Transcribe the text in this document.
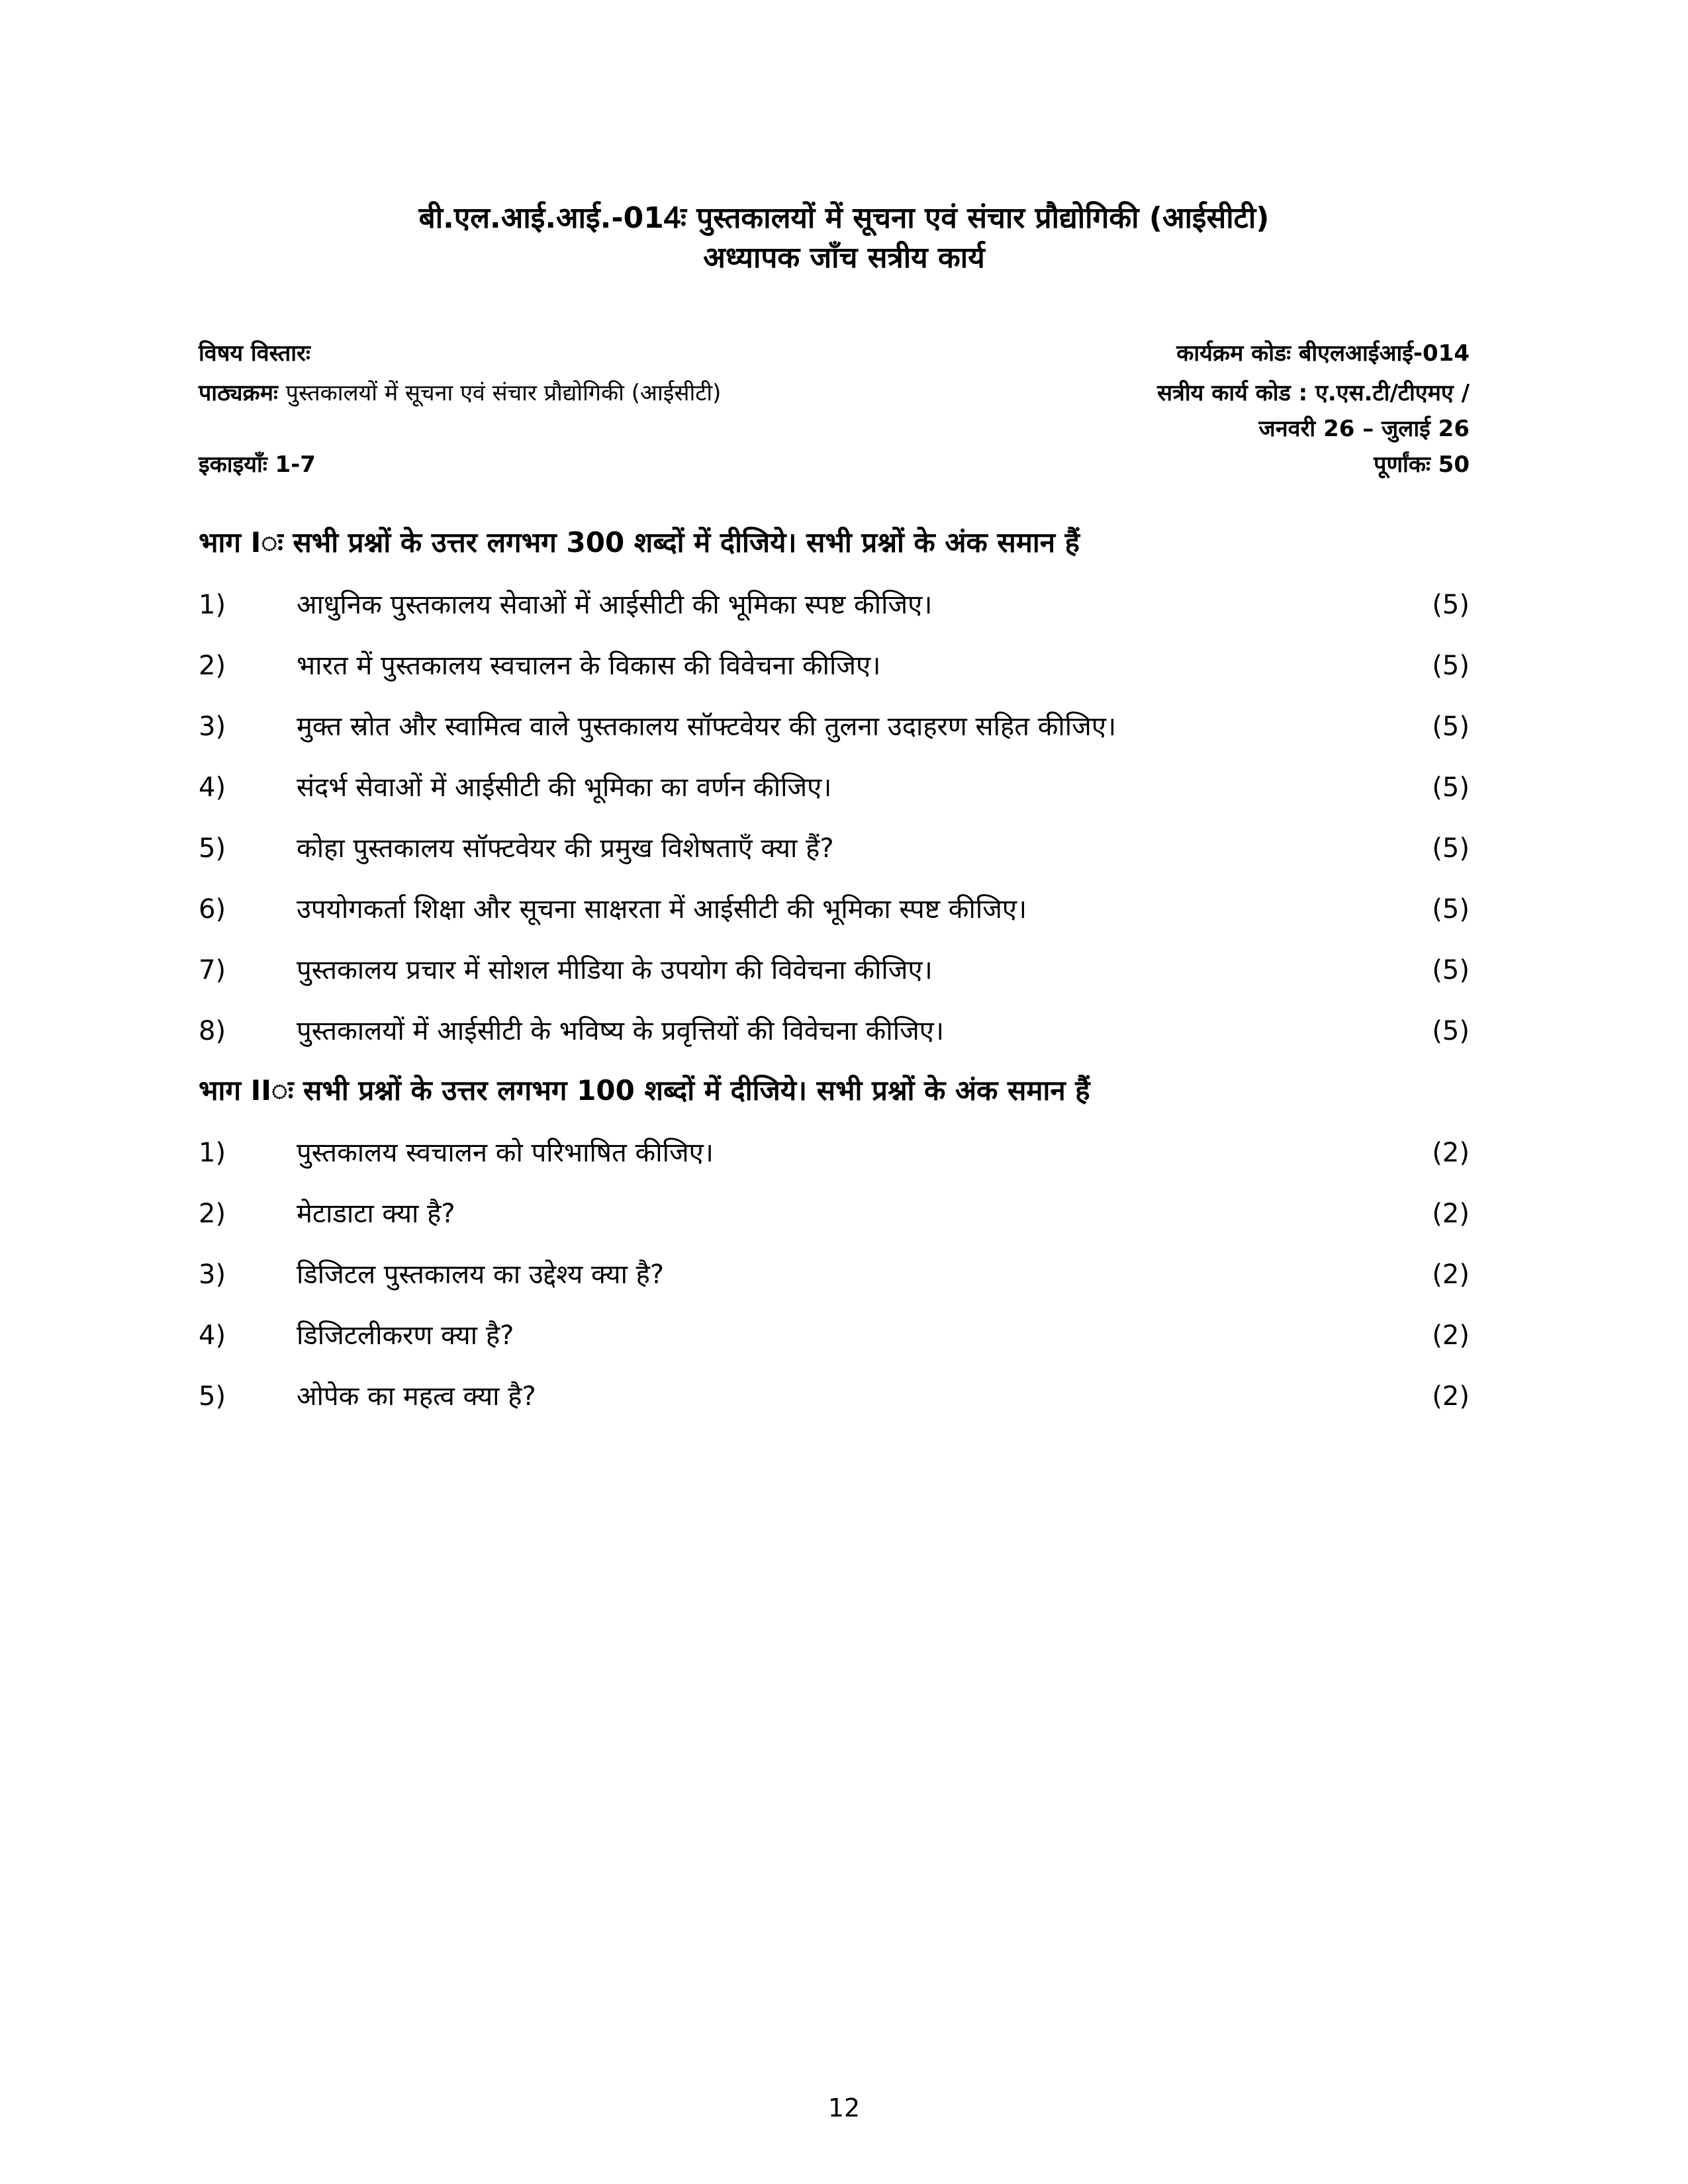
बी.एल.आई.आई.-014ः पुस्तकालयों में सूचना एवं संचार प्रौद्योगिकी (आईसीटी)
अध्यापक जाँच सत्रीय कार्य
विषय विस्तारः
पाठ्यक्रमः पुस्तकालयों में सूचना एवं संचार प्रौद्योगिकी (आईसीटी)
इकाइयाँः 1-7
कार्यक्रम कोडः बीएलआईआई-014
सत्रीय कार्य कोड : ए.एस.टी/टीएमए /
जनवरी 26 – जुलाई 26
पूर्णांकः 50
भाग Iः सभी प्रश्नों के उत्तर लगभग 300 शब्दों में दीजिये। सभी प्रश्नों के अंक समान हैं
1)	आधुनिक पुस्तकालय सेवाओं में आईसीटी की भूमिका स्पष्ट कीजिए।	(5)
2)	भारत में पुस्तकालय स्वचालन के विकास की विवेचना कीजिए।	(5)
3)	मुक्त स्रोत और स्वामित्व वाले पुस्तकालय सॉफ्टवेयर की तुलना उदाहरण सहित कीजिए।	(5)
4)	संदर्भ सेवाओं में आईसीटी की भूमिका का वर्णन कीजिए।	(5)
5)	कोहा पुस्तकालय सॉफ्टवेयर की प्रमुख विशेषताएँ क्या हैं?	(5)
6)	उपयोगकर्ता शिक्षा और सूचना साक्षरता में आईसीटी की भूमिका स्पष्ट कीजिए।	(5)
7)	पुस्तकालय प्रचार में सोशल मीडिया के उपयोग की विवेचना कीजिए।	(5)
8)	पुस्तकालयों में आईसीटी के भविष्य के प्रवृत्तियों की विवेचना कीजिए।	(5)
भाग IIः सभी प्रश्नों के उत्तर लगभग 100 शब्दों में दीजिये। सभी प्रश्नों के अंक समान हैं
1)	पुस्तकालय स्वचालन को परिभाषित कीजिए।	(2)
2)	मेटाडाटा क्या है?	(2)
3)	डिजिटल पुस्तकालय का उद्देश्य क्या है?	(2)
4)	डिजिटलीकरण क्या है?	(2)
5)	ओपेक का महत्व क्या है?	(2)
12
